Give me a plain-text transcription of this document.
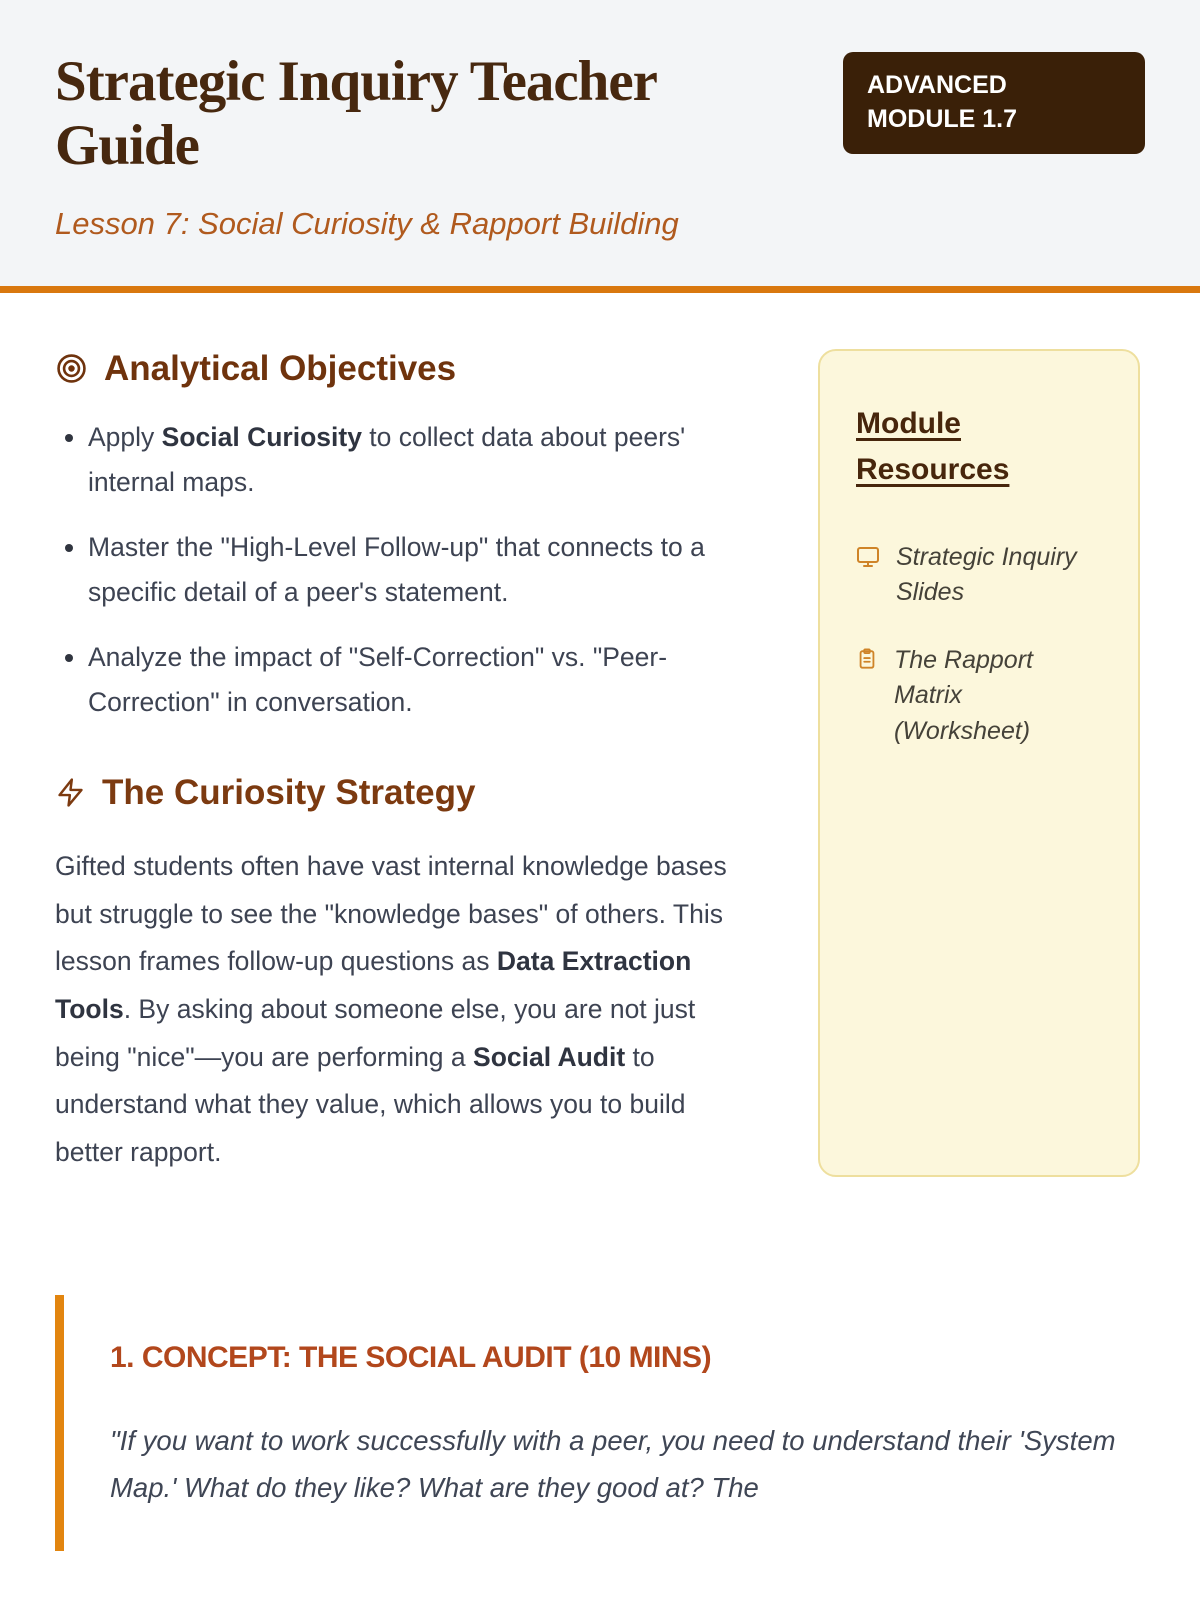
Strategic Inquiry Teacher Guide
ADVANCED MODULE 1.7
Lesson 7: Social Curiosity & Rapport Building
Analytical Objectives
• Apply Social Curiosity to collect data about peers' internal maps.
• Master the "High-Level Follow-up" that connects to a specific detail of a peer's statement.
• Analyze the impact of "Self-Correction" vs. "Peer-Correction" in conversation.
The Curiosity Strategy

Gifted students often have vast internal knowledge bases but struggle to see the "knowledge bases" of others. This lesson frames follow-up questions as Data Extraction Tools. By asking about someone else, you are not just being "nice"—you are performing a Social Audit to understand what they value, which allows you to build better rapport.

Module Resources
Strategic Inquiry Slides
The Rapport Matrix (Worksheet)
1. CONCEPT: THE SOCIAL AUDIT (10 MINS)

"If you want to work successfully with a peer, you need to understand their 'System Map.' What do they like? What are they good at? The
